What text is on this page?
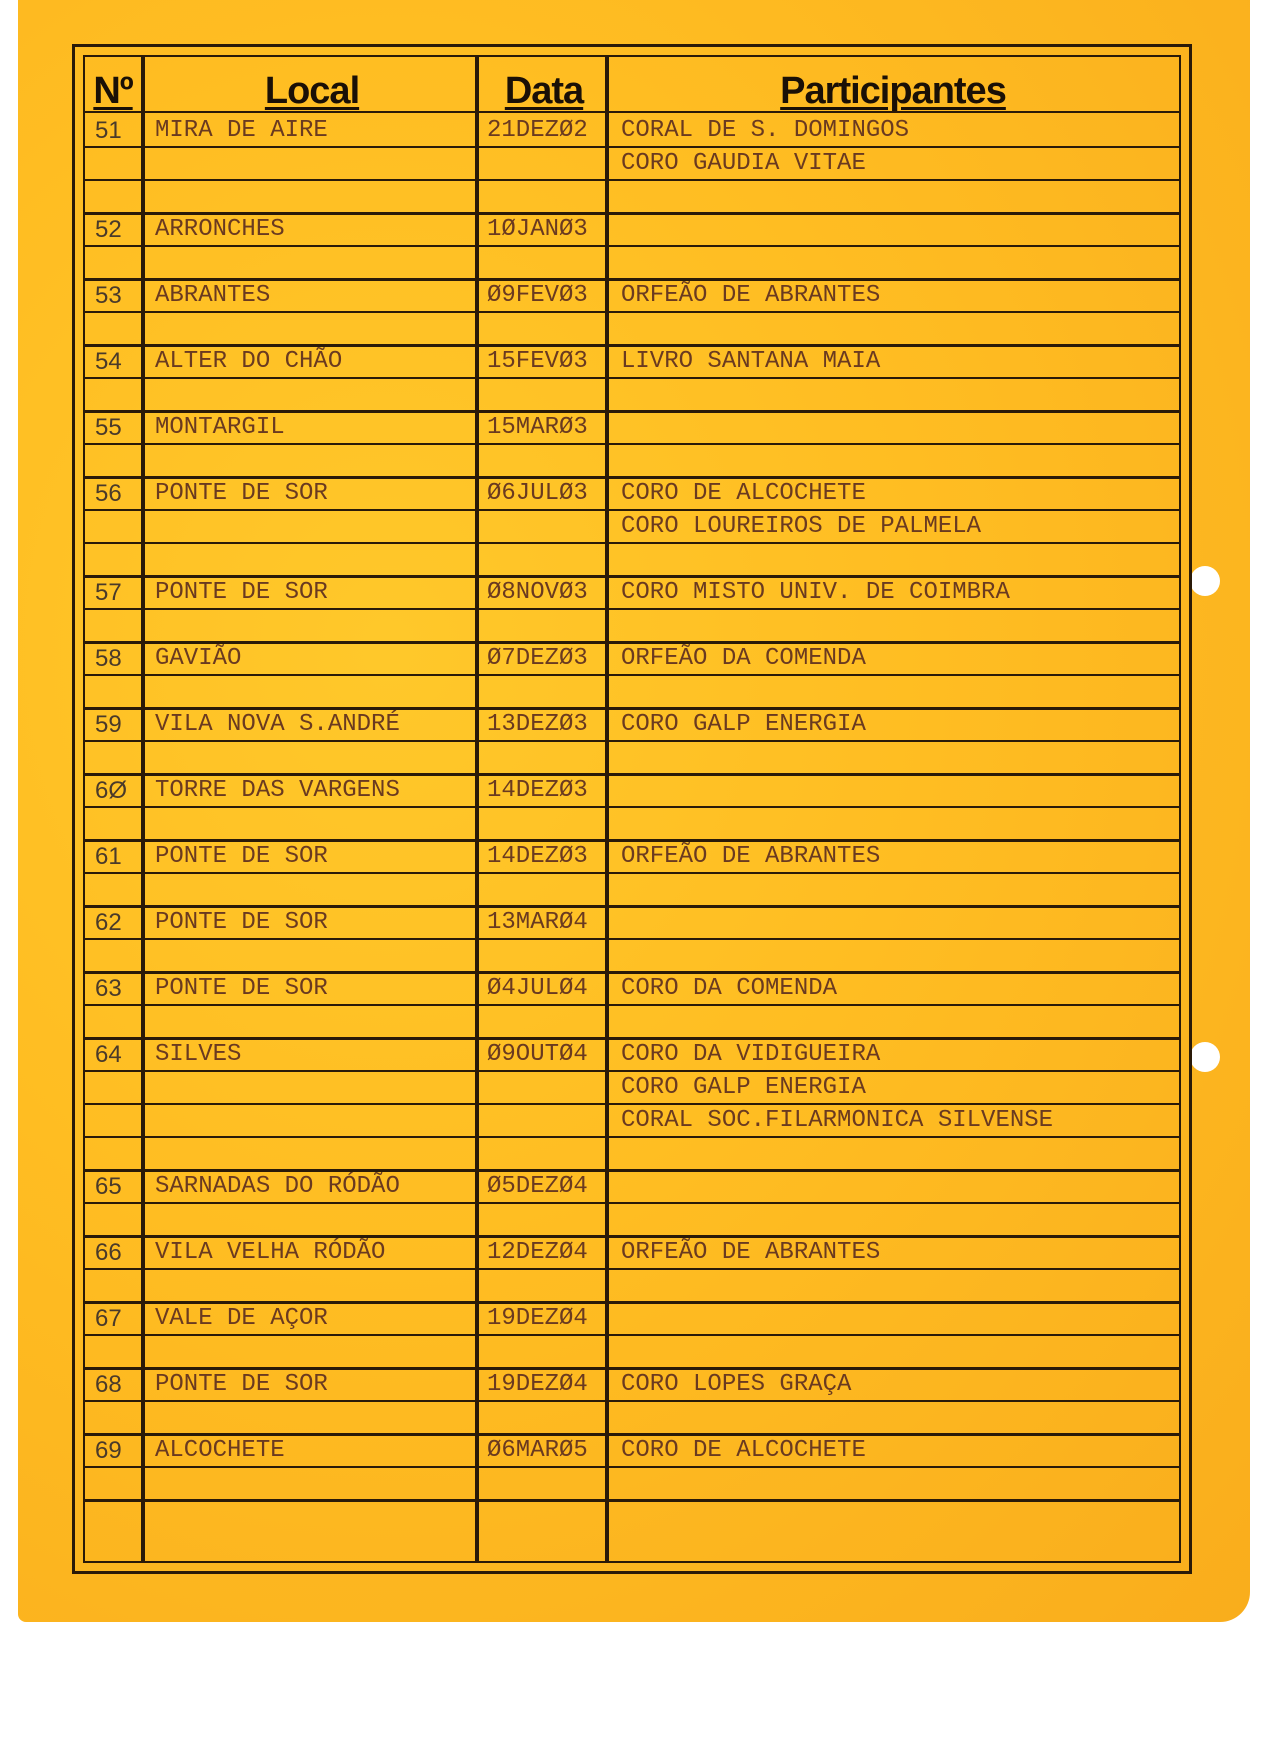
Nº	Local	Data	Participantes
51 MIRA DE AIRE	21DEZØ2 CORAL DE S. DOMINGOS
CORO GAUDIA VITAE
52 ARRONCHES	1ØJANØ3
53 ABRANTES	Ø9FEVØ3 ORFEÃO DE ABRANTES
54 ALTER DO CHÃO	15FEVØ3 LIVRO SANTANA MAIA
55 MONTARGIL	15MARØ3
56 PONTE DE SOR	Ø6JULØ3 CORO DE ALCOCHETE
CORO LOUREIROS DE PALMELA
57 PONTE DE SOR	Ø8NOVØ3 CORO MISTO UNIV. DE COIMBRA
58 GAVIÃO	Ø7DEZØ3 ORFEÃO DA COMENDA
59 VILA NOVA S.ANDRÉ	13DEZØ3 CORO GALP ENERGIA
6Ø TORRE DAS VARGENS	14DEZØ3
61 PONTE DE SOR	14DEZØ3 ORFEÃO DE ABRANTES
62 PONTE DE SOR	13MARØ4
63 PONTE DE SOR	Ø4JULØ4 CORO DA COMENDA
64 SILVES	Ø9OUTØ4 CORO DA VIDIGUEIRA
CORO GALP ENERGIA
CORAL SOC.FILARMONICA SILVENSE
65 SARNADAS DO RÓDÃO	Ø5DEZØ4
66 VILA VELHA RÓDÃO	12DEZØ4 ORFEÃO DE ABRANTES
67 VALE DE AÇOR	19DEZØ4
68 PONTE DE SOR	19DEZØ4 CORO LOPES GRAÇA
69 ALCOCHETE	Ø6MARØ5 CORO DE ALCOCHETE
